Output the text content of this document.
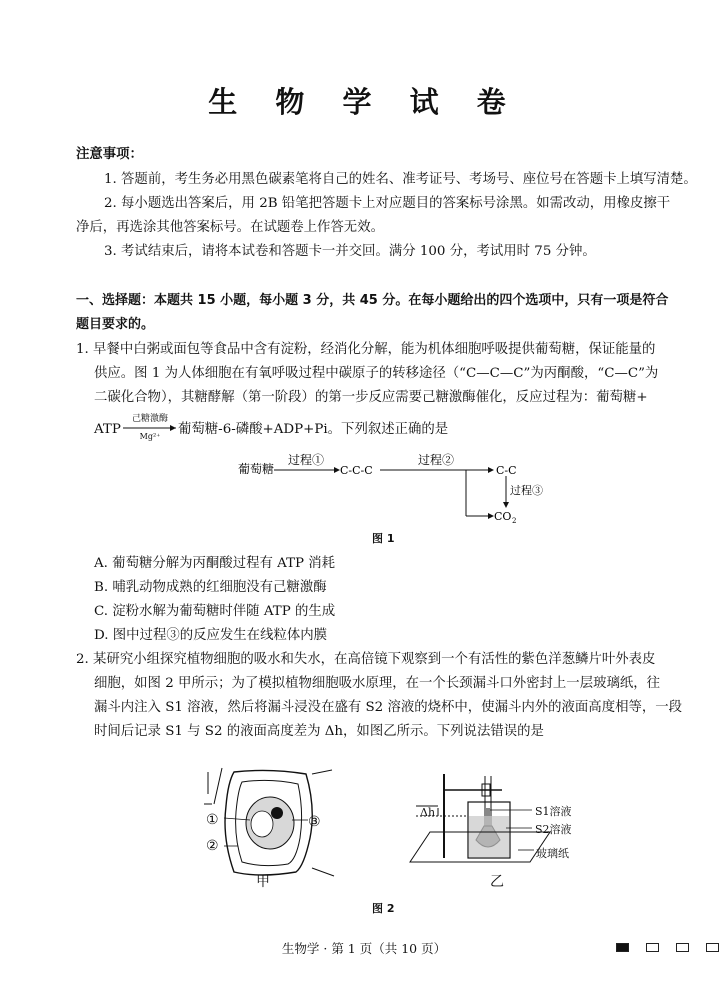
生 物 学 试 卷
注意事项：
1. 答题前，考生务必用黑色碳素笔将自己的姓名、准考证号、考场号、座位号在答题卡上填写清楚。
2. 每小题选出答案后，用 2B 铅笔把答题卡上对应题目的答案标号涂黑。如需改动，用橡皮擦干
净后，再选涂其他答案标号。在试题卷上作答无效。
3. 考试结束后，请将本试卷和答题卡一并交回。满分 100 分，考试用时 75 分钟。
一、选择题：本题共 15 小题，每小题 3 分，共 45 分。在每小题给出的四个选项中，只有一项是符合
题目要求的。
1. 早餐中白粥或面包等食品中含有淀粉，经消化分解，能为机体细胞呼吸提供葡萄糖，保证能量的
供应。图 1 为人体细胞在有氧呼吸过程中碳原子的转移途径（“C—C—C”为丙酮酸，“C—C”为
二碳化合物），其糖酵解（第一阶段）的第一步反应需要己糖激酶催化，反应过程为：葡萄糖+
ATP
己糖激酶
Mg²⁺	葡萄糖-6-磷酸+ADP+Pi。下列叙述正确的是
葡萄糖
过程①
C-C-C
过程②
C-C
CO 2
过程③
图 1
A. 葡萄糖分解为丙酮酸过程有 ATP 消耗
B. 哺乳动物成熟的红细胞没有己糖激酶
C. 淀粉水解为葡萄糖时伴随 ATP 的生成
D. 图中过程③的反应发生在线粒体内膜
2. 某研究小组探究植物细胞的吸水和失水，在高倍镜下观察到一个有活性的紫色洋葱鳞片叶外表皮
细胞，如图 2 甲所示；为了模拟植物细胞吸水原理，在一个长颈漏斗口外密封上一层玻璃纸，往
漏斗内注入 S1 溶液，然后将漏斗浸没在盛有 S2 溶液的烧杯中，使漏斗内外的液面高度相等，一段
时间后记录 S1 与 S2 的液面高度差为 Δh，如图乙所示。下列说法错误的是
①
②
③
甲
Δh	S1溶液
S2溶液
玻璃纸
乙
图 2
生物学 · 第 1 页（共 10 页）
